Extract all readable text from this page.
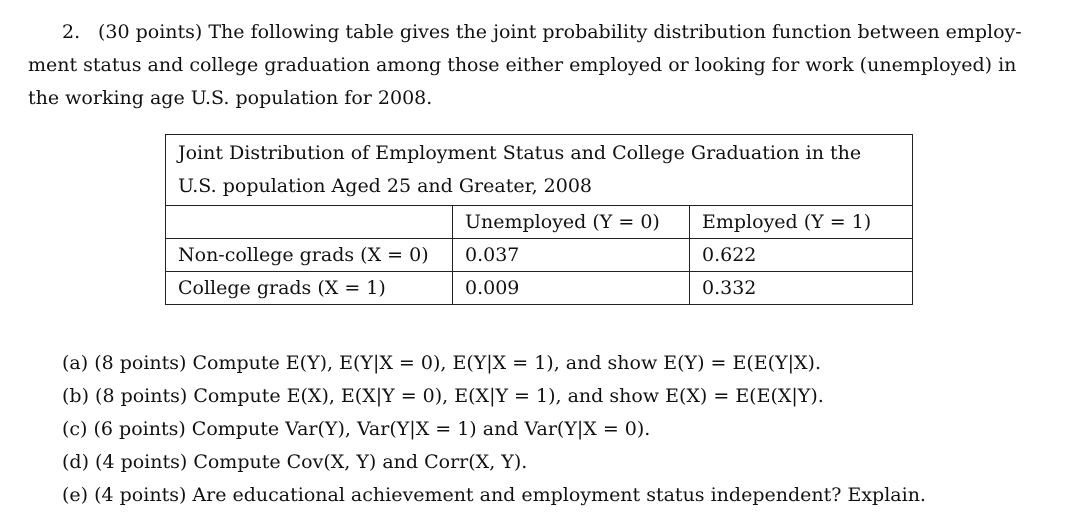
2. (30 points) The following table gives the joint probability distribution function between employ-
ment status and college graduation among those either employed or looking for work (unemployed) in
the working age U.S. population for 2008.
Joint Distribution of Employment Status and College Graduation in the
U.S. population Aged 25 and Greater, 2008		

	Unemployed (Y = 0)	Employed (Y = 1)
Non-college grads (X = 0)	0.037	0.622
College grads (X = 1)	0.009	0.332
(a) (8 points) Compute E(Y), E(Y|X = 0), E(Y|X = 1), and show E(Y) = E(E(Y|X).
(b) (8 points) Compute E(X), E(X|Y = 0), E(X|Y = 1), and show E(X) = E(E(X|Y).
(c) (6 points) Compute Var(Y), Var(Y|X = 1) and Var(Y|X = 0).
(d) (4 points) Compute Cov(X, Y) and Corr(X, Y).
(e) (4 points) Are educational achievement and employment status independent? Explain.
